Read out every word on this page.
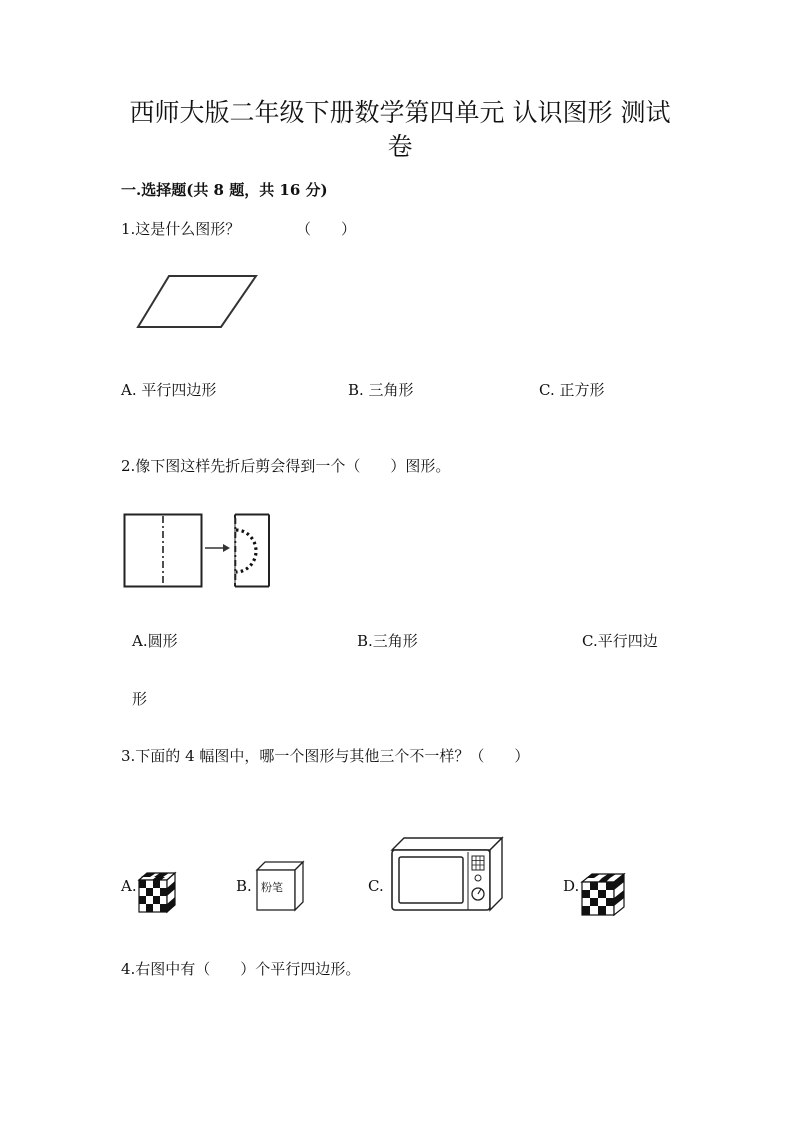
西师大版二年级下册数学第四单元 认识图形 测试
卷
一.选择题(共 8 题，共 16 分)
1.这是什么图形？	（　　）
A. 平行四边形	B. 三角形	C. 正方形
2.像下图这样先折后剪会得到一个（　　）图形。
A.圆形	B.三角形	C.平行四边
形
3.下面的 4 幅图中，哪一个图形与其他三个不一样？（　　）
A.	B. 粉笔	C.	D.
4.右图中有（　　）个平行四边形。
